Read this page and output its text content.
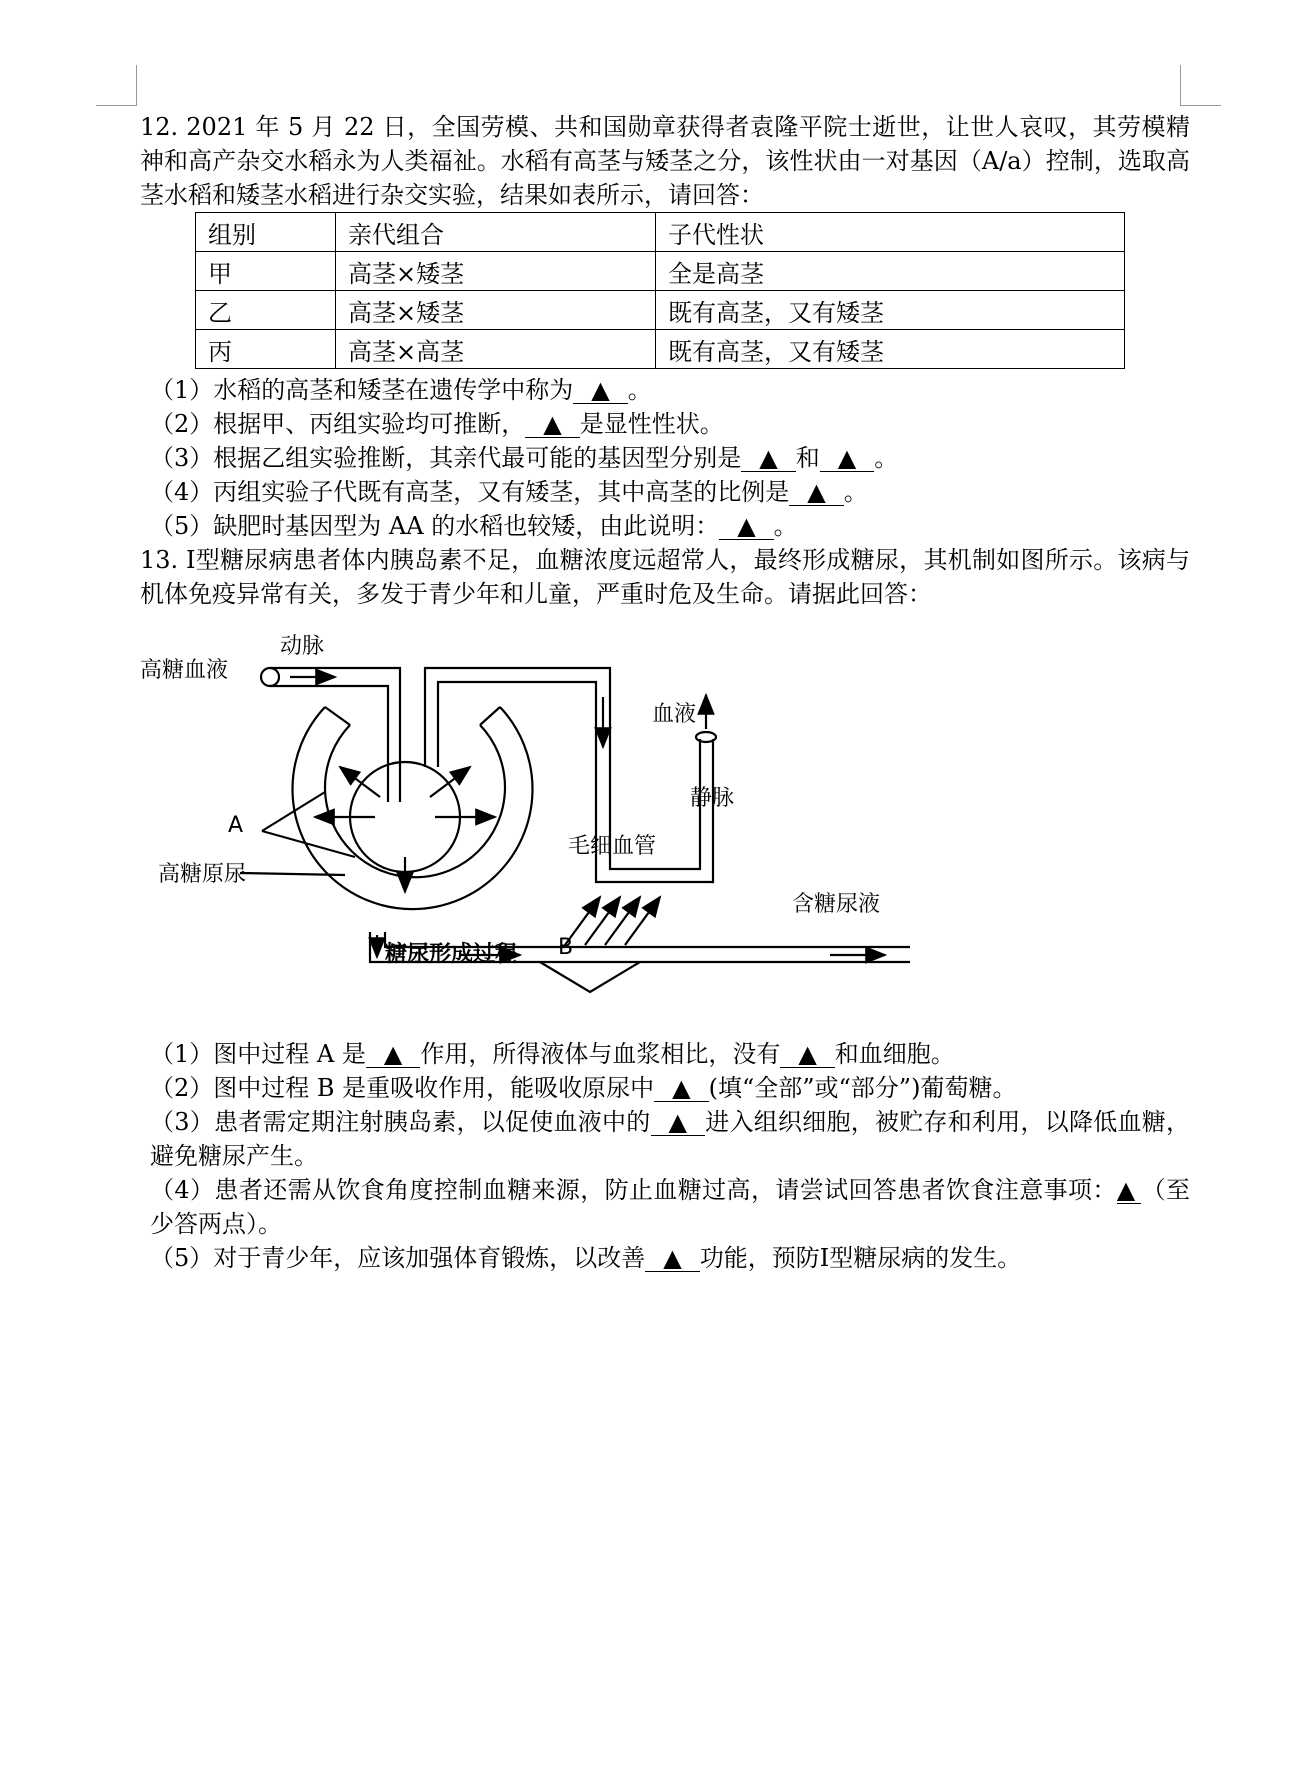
12. 2021 年 5 月 22 日，全国劳模、共和国勋章获得者袁隆平院士逝世，让世人哀叹，其劳模精神和高产杂交水稻永为人类福祉。水稻有高茎与矮茎之分，该性状由一对基因（A/a）控制，选取高茎水稻和矮茎水稻进行杂交实验，结果如表所示，请回答：

组别	亲代组合	子代性状
甲	高茎×矮茎	全是高茎
乙	高茎×矮茎	既有高茎，又有矮茎
丙	高茎×高茎	既有高茎，又有矮茎

（1）水稻的高茎和矮茎在遗传学中称为 ▲ 。

（2）根据甲、丙组实验均可推断， ▲ 是显性性状。

（3）根据乙组实验推断，其亲代最可能的基因型分别是 ▲ 和 ▲ 。

（4）丙组实验子代既有高茎，又有矮茎，其中高茎的比例是 ▲ 。

（5）缺肥时基因型为 AA 的水稻也较矮，由此说明： ▲ 。

13. Ⅰ型糖尿病患者体内胰岛素不足，血糖浓度远超常人，最终形成糖尿，其机制如图所示。该病与机体免疫异常有关，多发于青少年和儿童，严重时危及生命。请据此回答：

动脉
高糖血液
A
高糖原尿
毛细血管
血液
静脉
含糖尿液
糖尿形成过程 B

（1）图中过程 A 是 ▲ 作用，所得液体与血浆相比，没有 ▲ 和血细胞。

（2）图中过程 B 是重吸收作用，能吸收原尿中 ▲ (填“全部”或“部分”)葡萄糖。

（3）患者需定期注射胰岛素，以促使血液中的 ▲ 进入组织细胞，被贮存和利用，以降低血糖，避免糖尿产生。

（4）患者还需从饮食角度控制血糖来源，防止血糖过高，请尝试回答患者饮食注意事项：▲ （至少答两点）。

（5）对于青少年，应该加强体育锻炼，以改善 ▲ 功能，预防Ⅰ型糖尿病的发生。
